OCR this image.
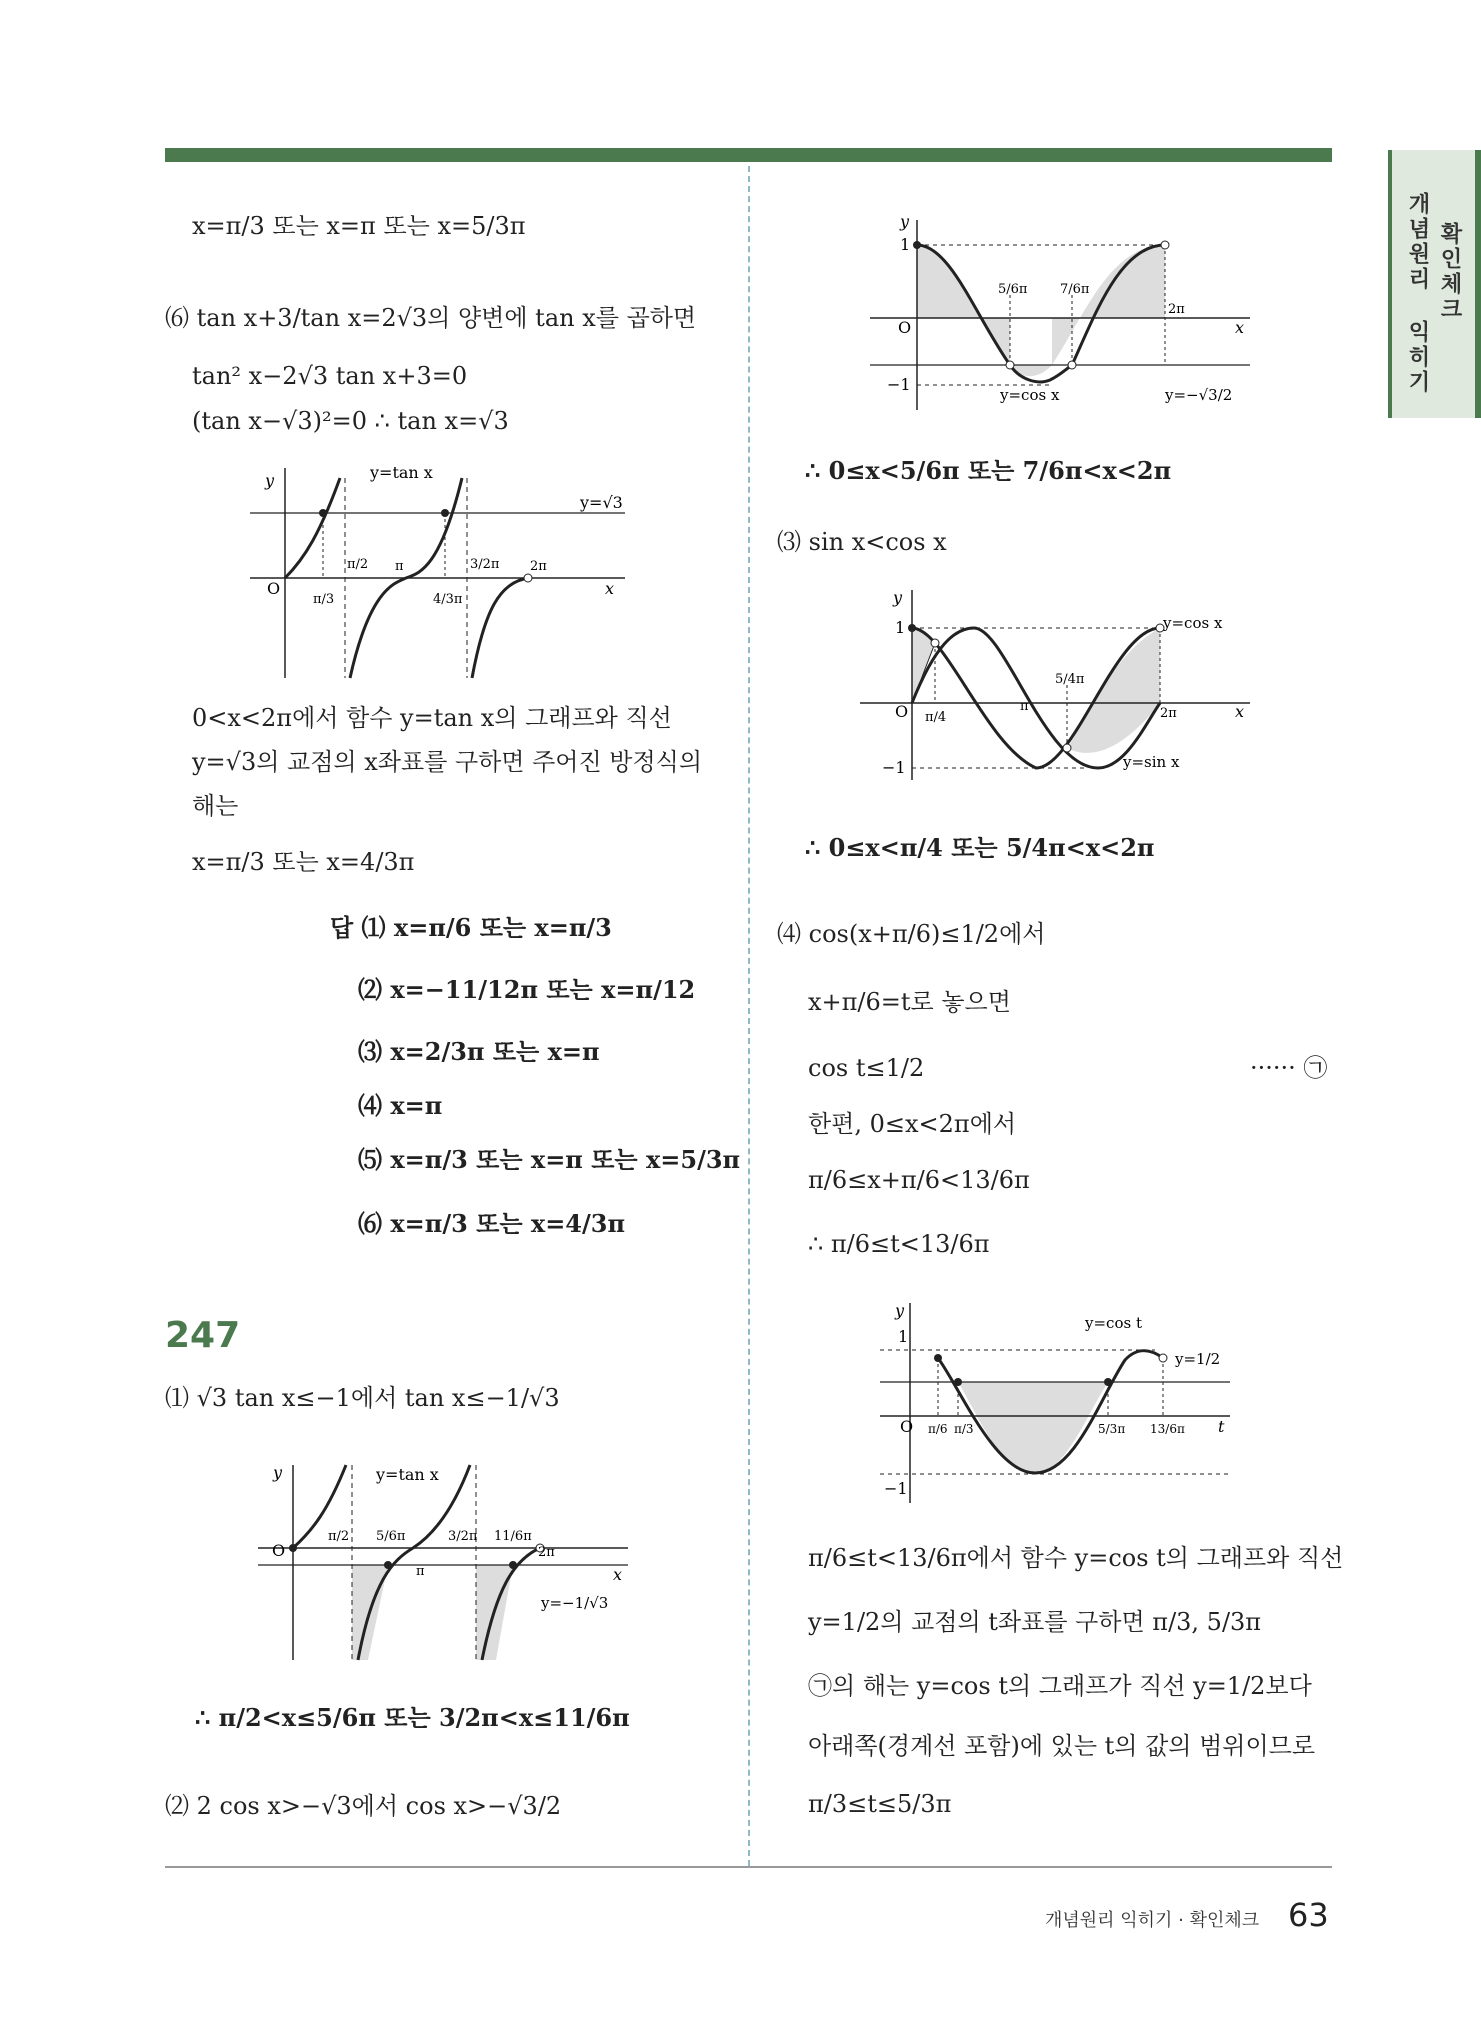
개념원리 익히기 확인체크
x=π/3 또는 x=π 또는 x=5/3π
⑹ tan x+3/tan x=2√3의 양변에 tan x를 곱하면
tan² x−2√3 tan x+3=0
(tan x−√3)²=0 ∴ tan x=√3
y
O	x
y=tan x
y=√3
π/2 π	3/2π 2π
π/3	4/3π
0<x<2π에서 함수 y=tan x의 그래프와 직선
y=√3의 교점의 x좌표를 구하면 주어진 방정식의
해는
x=π/3 또는 x=4/3π
답 ⑴ x=π/6 또는 x=π/3
⑵ x=−11/12π 또는 x=π/12
⑶ x=2/3π 또는 x=π
⑷ x=π
⑸ x=π/3 또는 x=π 또는 x=5/3π
⑹ x=π/3 또는 x=4/3π
247
⑴ √3 tan x≤−1에서 tan x≤−1/√3
y
O
x
y=tan x
y=−1/√3
π/2 5/6π	3/2π 11/6π
2π
π
∴ π/2<x≤5/6π 또는 3/2π<x≤11/6π
⑵ 2 cos x>−√3에서 cos x>−√3/2
y
1
O
−1
x
y=cos x	y=−√3/2
5/6π	7/6π
2π
∴ 0≤x<5/6π 또는 7/6π<x<2π
⑶ sin x<cos x
y
1
O
−1
x
y=cos x
y=sin x
π/4
π
5/4π
2π
∴ 0≤x<π/4 또는 5/4π<x<2π
⑷ cos(x+π/6)≤1/2에서
x+π/6=t로 놓으면
cos t≤1/2	······ ㉠
한편, 0≤x<2π에서
π/6≤x+π/6<13/6π
∴ π/6≤t<13/6π
y
1
O
−1
t
y=cos t
y=1/2
π/6 π/3	5/3π 13/6π
π/6≤t<13/6π에서 함수 y=cos t의 그래프와 직선
y=1/2의 교점의 t좌표를 구하면 π/3, 5/3π
㉠의 해는 y=cos t의 그래프가 직선 y=1/2보다
아래쪽(경계선 포함)에 있는 t의 값의 범위이므로
π/3≤t≤5/3π
개념원리 익히기 · 확인체크 63
